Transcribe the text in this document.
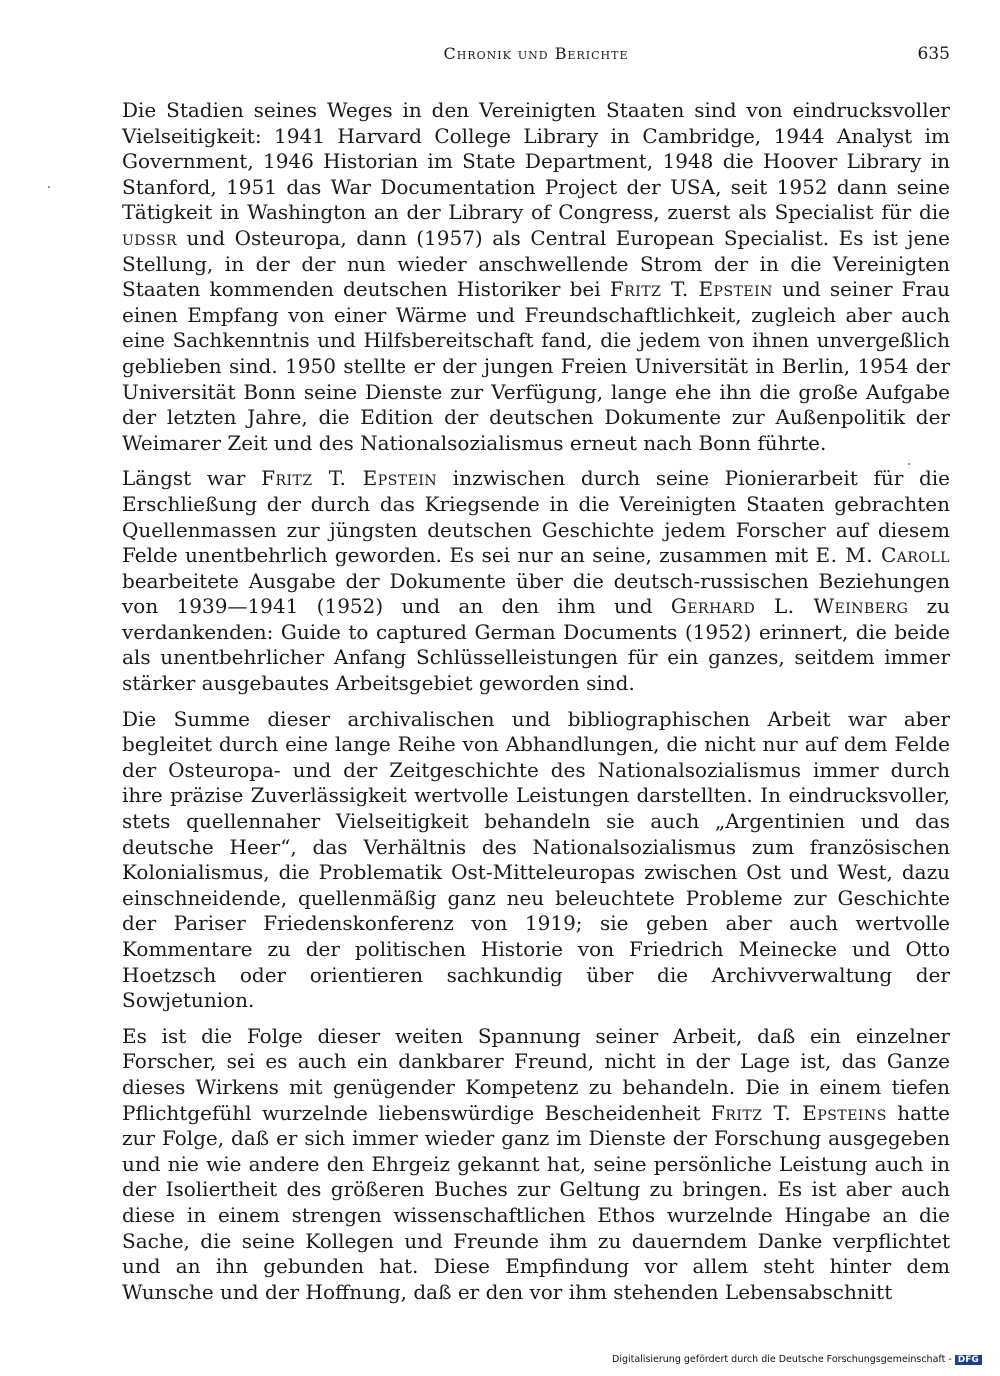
Chronik und Berichte	635

Die Stadien seines Weges in den Vereinigten Staaten sind von eindrucksvoller Vielseitigkeit: 1941 Harvard College Library in Cambridge, 1944 Analyst im Government, 1946 Historian im State Department, 1948 die Hoover Library in Stanford, 1951 das War Documentation Project der USA, seit 1952 dann seine Tätigkeit in Washington an der Library of Congress, zuerst als Specialist für die udssr und Osteuropa, dann (1957) als Central European Specialist. Es ist jene Stellung, in der der nun wieder anschwellende Strom der in die Vereinigten Staaten kommenden deutschen Historiker bei Fritz T. Epstein und seiner Frau einen Empfang von einer Wärme und Freundschaftlichkeit, zugleich aber auch eine Sachkenntnis und Hilfsbereitschaft fand, die jedem von ihnen unvergeßlich geblieben sind. 1950 stellte er der jungen Freien Universität in Berlin, 1954 der Universität Bonn seine Dienste zur Verfügung, lange ehe ihn die große Aufgabe der letzten Jahre, die Edition der deutschen Dokumente zur Außenpolitik der Weimarer Zeit und des Nationalsozialismus erneut nach Bonn führte.

Längst war Fritz T. Epstein inzwischen durch seine Pionierarbeit für die Erschließung der durch das Kriegsende in die Vereinigten Staaten gebrachten Quellenmassen zur jüngsten deutschen Geschichte jedem Forscher auf diesem Felde unentbehrlich geworden. Es sei nur an seine, zusammen mit E. M. Caroll bearbeitete Ausgabe der Dokumente über die deutsch-russischen Beziehungen von 1939—1941 (1952) und an den ihm und Gerhard L. Weinberg zu verdankenden: Guide to captured German Documents (1952) erinnert, die beide als unentbehrlicher Anfang Schlüsselleistungen für ein ganzes, seitdem immer stärker ausgebautes Arbeitsgebiet geworden sind.

Die Summe dieser archivalischen und bibliographischen Arbeit war aber begleitet durch eine lange Reihe von Abhandlungen, die nicht nur auf dem Felde der Osteuropa- und der Zeitgeschichte des Nationalsozialismus immer durch ihre präzise Zuverlässigkeit wertvolle Leistungen darstellten. In eindrucksvoller, stets quellennaher Vielseitigkeit behandeln sie auch „Argentinien und das deutsche Heer“, das Verhältnis des Nationalsozialismus zum französischen Kolonialismus, die Problematik Ost-Mitteleuropas zwischen Ost und West, dazu einschneidende, quellenmäßig ganz neu beleuchtete Probleme zur Geschichte der Pariser Friedenskonferenz von 1919; sie geben aber auch wertvolle Kommentare zu der politischen Historie von Friedrich Meinecke und Otto Hoetzsch oder orientieren sachkundig über die Archivverwaltung der Sowjetunion.

Es ist die Folge dieser weiten Spannung seiner Arbeit, daß ein einzelner Forscher, sei es auch ein dankbarer Freund, nicht in der Lage ist, das Ganze dieses Wirkens mit genügender Kompetenz zu behandeln. Die in einem tiefen Pflichtgefühl wurzelnde liebenswürdige Bescheidenheit Fritz T. Epsteins hatte zur Folge, daß er sich immer wieder ganz im Dienste der Forschung ausgegeben und nie wie andere den Ehrgeiz gekannt hat, seine persönliche Leistung auch in der Isoliertheit des größeren Buches zur Geltung zu bringen. Es ist aber auch diese in einem strengen wissenschaftlichen Ethos wurzelnde Hingabe an die Sache, die seine Kollegen und Freunde ihm zu dauerndem Danke verpflichtet und an ihn gebunden hat. Diese Empfindung vor allem steht hinter dem Wunsche und der Hoffnung, daß er den vor ihm stehenden Lebensabschnitt

Digitalisierung gefördert durch die Deutsche Forschungsgemeinschaft - DFG
